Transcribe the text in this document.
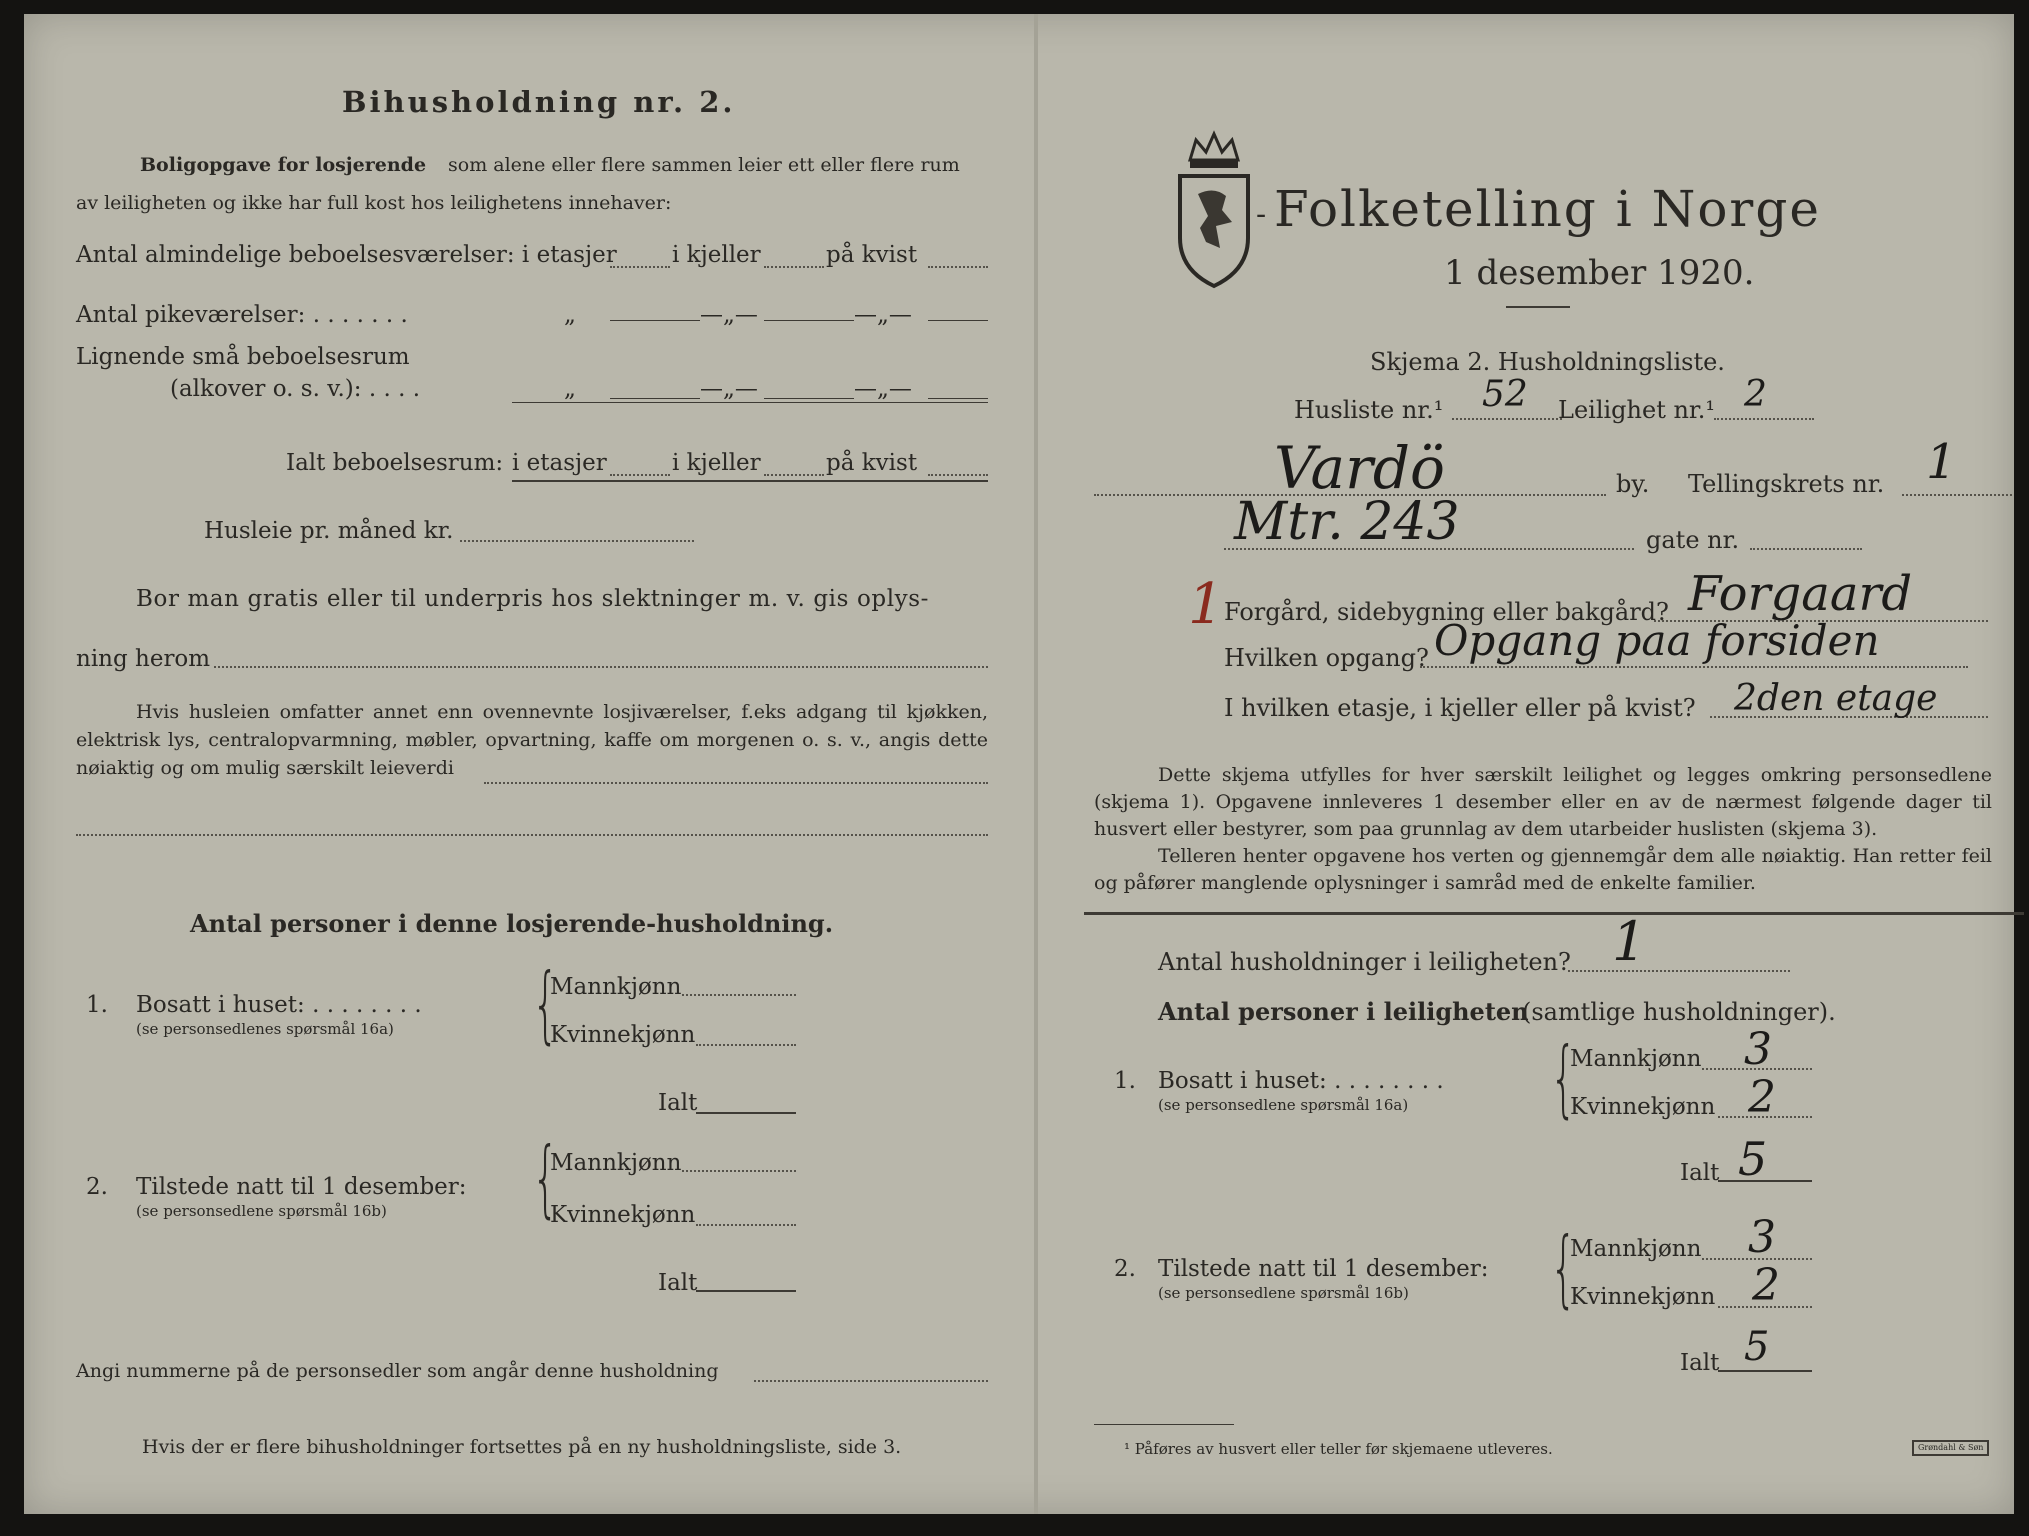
Bihusholdning nr. 2.
Boligopgave for losjerende som alene eller flere sammen leier ett eller flere rum
av leiligheten og ikke har full kost hos leilighetens innehaver:
Antal almindelige beboelsesværelser: i etasjer i kjeller	på kvist
Antal pikeværelser: . . . . . . .	„	—„—	—„—
Lignende små beboelsesrum
(alkover o. s. v.): . . . .	„	—„—	—„—
Ialt beboelsesrum: i etasjer	i kjeller	på kvist
Husleie pr. måned kr.
Bor man gratis eller til underpris hos slektninger m. v. gis oplys-
ning herom
Hvis husleien omfatter annet enn ovennevnte losjiværelser, f.eks adgang til kjøkken, elektrisk lys, centralopvarmning, møbler, opvartning, kaffe om morgenen o. s. v., angis dette nøiaktig og om mulig særskilt leieverdi
Antal personer i denne losjerende-husholdning.
1. Bosatt i huset: . . . . . . . .
(se personsedlenes spørsmål 16a) {
Mannkjønn
Kvinnekjønn
Ialt
2. Tilstede natt til 1 desember:
(se personsedlene spørsmål 16b) {
Mannkjønn
Kvinnekjønn
Ialt
Angi nummerne på de personsedler som angår denne husholdning
Hvis der er flere bihusholdninger fortsettes på en ny husholdningsliste, side 3.
- Folketelling i Norge
1 desember 1920.
Skjema 2. Husholdningsliste.
Husliste nr.¹ 52 Leilighet nr.¹ 2
Vardö	by. Tellingskrets nr. 1
Mtr. 243	gate nr.
1 Forgård, sidebygning eller bakgård? Forgaard
Hvilken opgang? Opgang paa forsiden
I hvilken etasje, i kjeller eller på kvist? 2den etage
Dette skjema utfylles for hver særskilt leilighet og legges omkring personsedlene (skjema 1). Opgavene innleveres 1 desember eller en av de nærmest følgende dager til husvert eller bestyrer, som paa grunnlag av dem utarbeider huslisten (skjema 3).
Telleren henter opgavene hos verten og gjennemgår dem alle nøiaktig. Han retter feil og påfører manglende oplysninger i samråd med de enkelte familier.
Antal husholdninger i leiligheten? 1
Antal personer i leiligheten
(samtlige husholdninger).
1. Bosatt i huset: . . . . . . . .
(se personsedlene spørsmål 16a) {
Mannkjønn 3
Kvinnekjønn 2
Ialt 5
2. Tilstede natt til 1 desember:
(se personsedlene spørsmål 16b) {
Mannkjønn 3
Kvinnekjønn 2
Ialt 5
¹ Påføres av husvert eller teller før skjemaene utleveres.	Grøndahl & Søn
